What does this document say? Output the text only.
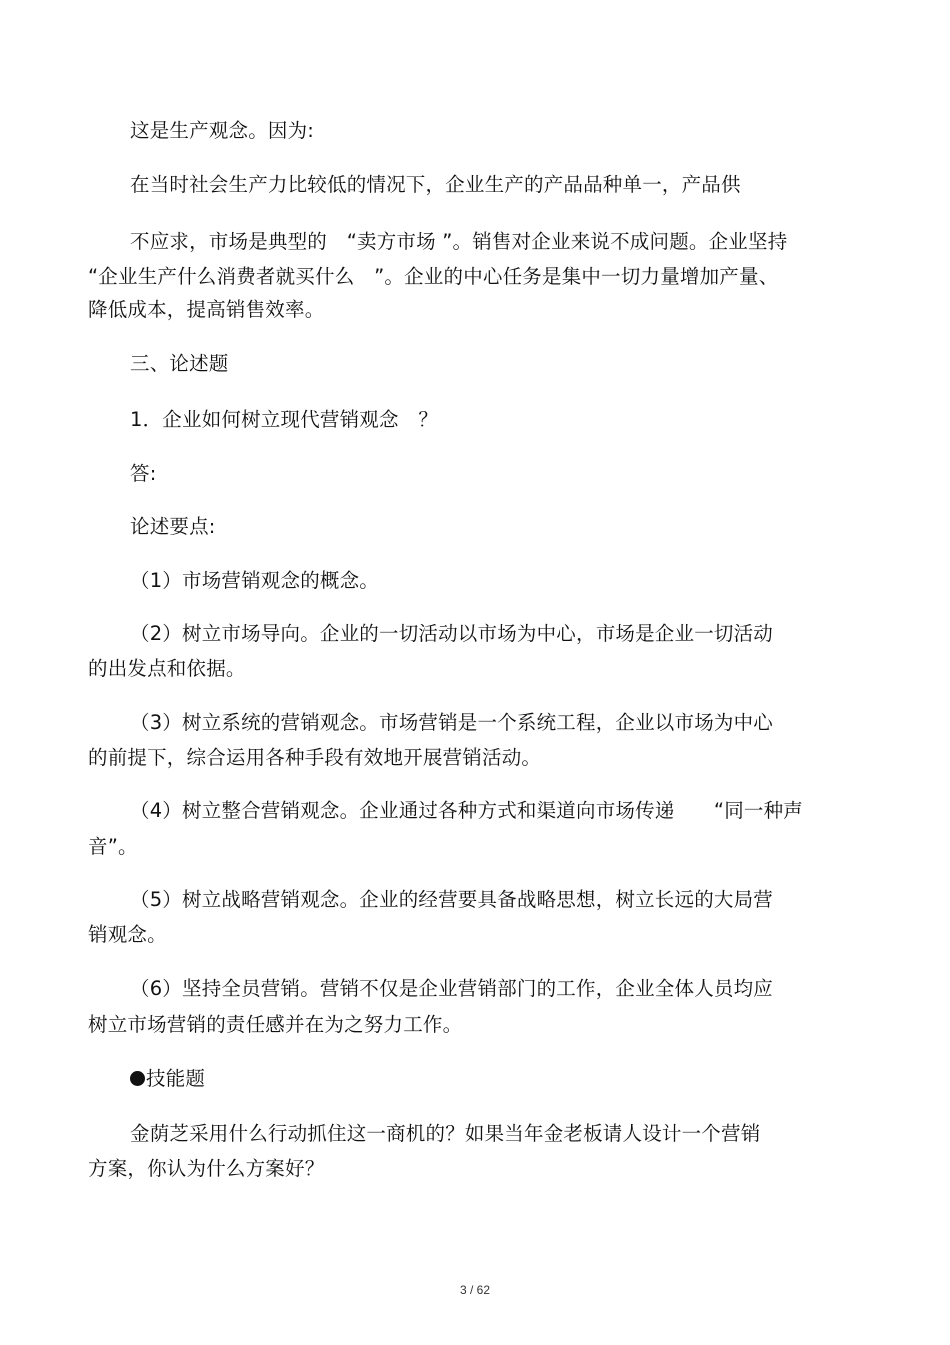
这是生产观念。因为:
在当时社会生产力比较低的情况下，企业生产的产品品种单一，产品供
不应求，市场是典型的　“卖方市场 ”。销售对企业来说不成问题。企业坚持
“企业生产什么消费者就买什么　”。企业的中心任务是集中一切力量增加产量、
降低成本，提高销售效率。
三、论述题
1．企业如何树立现代营销观念　？
答:
论述要点:
（1）市场营销观念的概念。
（2）树立市场导向。企业的一切活动以市场为中心，市场是企业一切活动
的出发点和依据。
（3）树立系统的营销观念。市场营销是一个系统工程，企业以市场为中心
的前提下，综合运用各种手段有效地开展营销活动。
（4）树立整合营销观念。企业通过各种方式和渠道向市场传递　　“同一种声
音”。
（5）树立战略营销观念。企业的经营要具备战略思想，树立长远的大局营
销观念。
（6）坚持全员营销。营销不仅是企业营销部门的工作，企业全体人员均应
树立市场营销的责任感并在为之努力工作。
技能题
金荫芝采用什么行动抓住这一商机的？如果当年金老板请人设计一个营销
方案，你认为什么方案好？
3 / 62
